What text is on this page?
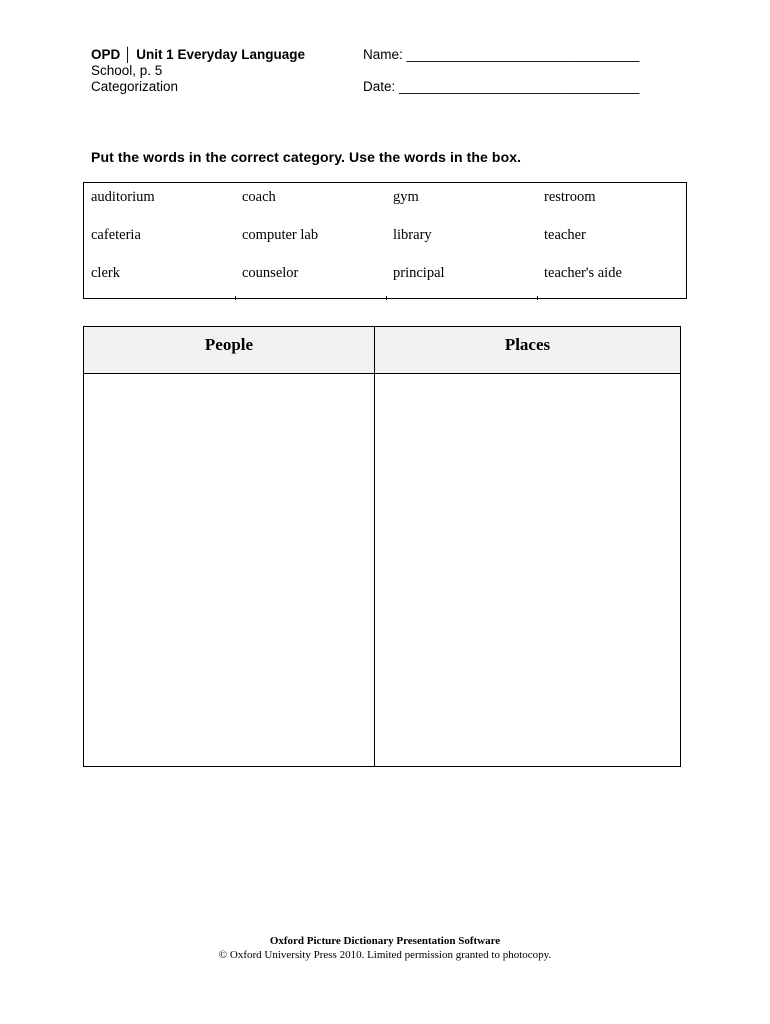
OPD │ Unit 1 Everyday Language
School, p. 5
Categorization
Name: _______________________________
Date: ________________________________
Put the words in the correct category. Use the words in the box.
auditorium	coach	gym	restroom
cafeteria	computer lab	library	teacher
clerk	counselor	principal	teacher's aide
People	Places
Oxford Picture Dictionary Presentation Software
© Oxford University Press 2010. Limited permission granted to photocopy.
